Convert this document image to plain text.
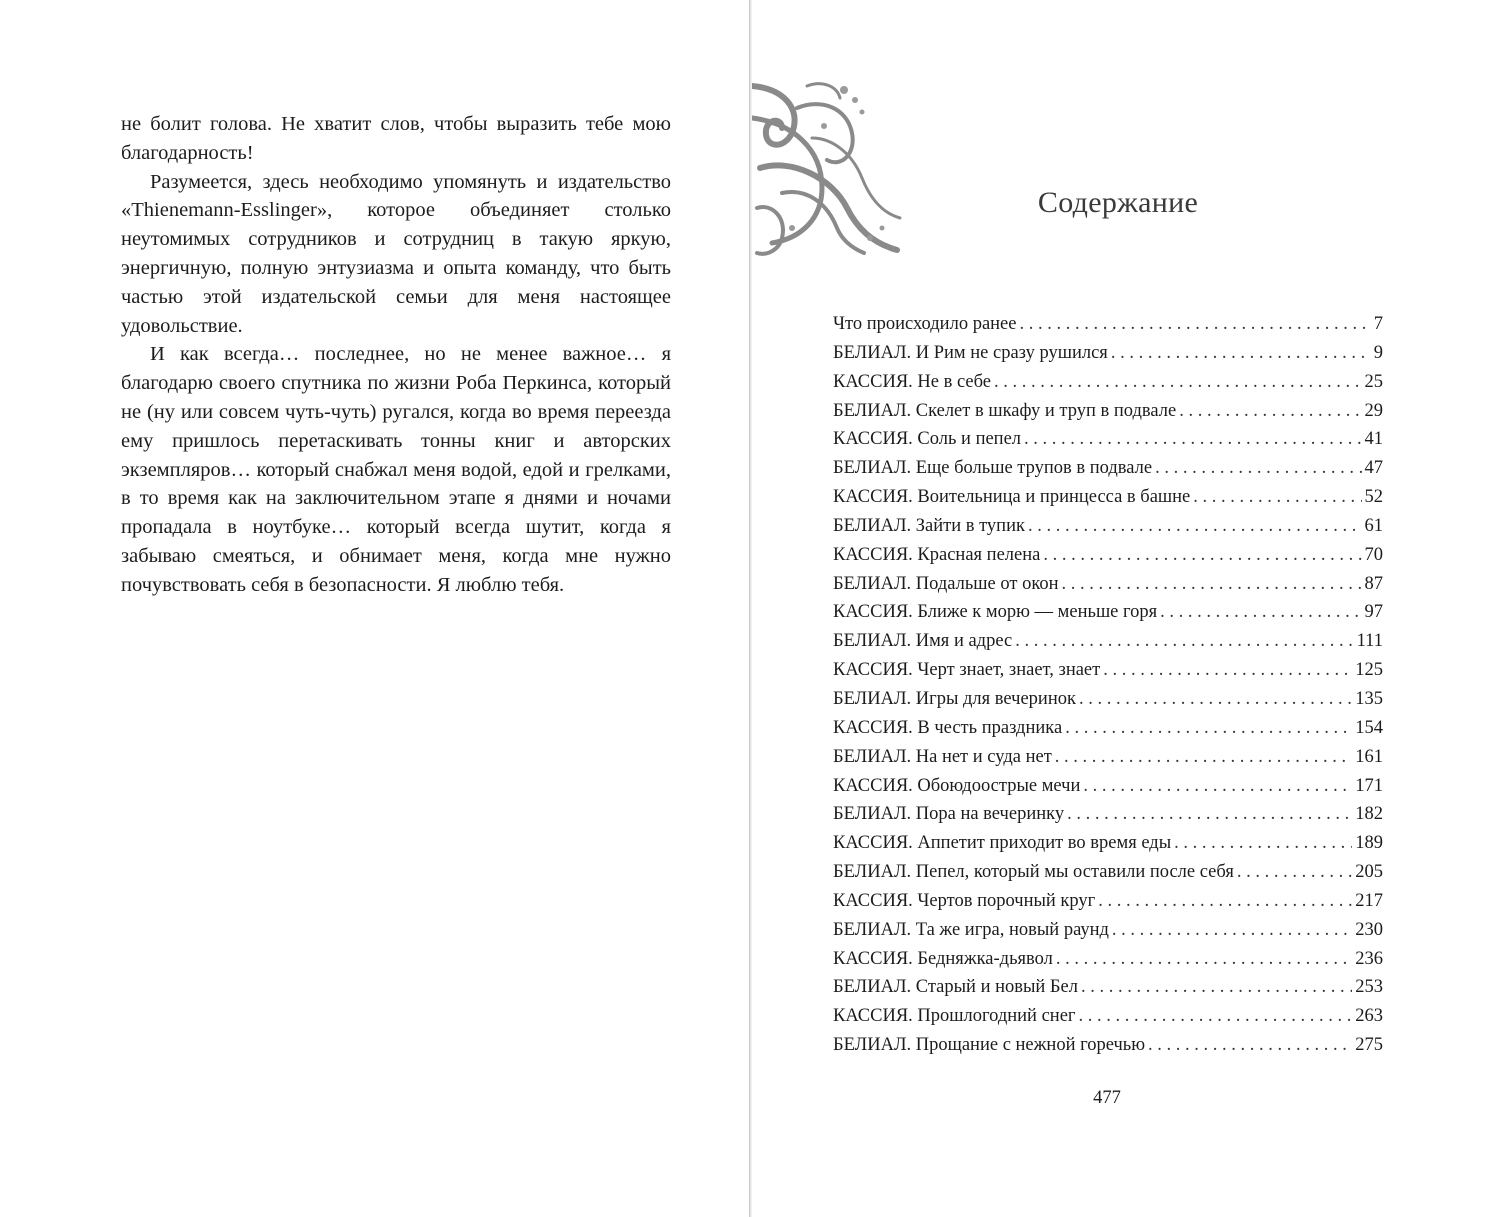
не болит голова. Не хватит слов, чтобы выразить тебе мою благодарность!

Разумеется, здесь необходимо упомянуть и издательство «Thienemann-Esslinger», которое объединяет столько неутомимых сотрудников и сотрудниц в такую яркую, энергичную, полную энтузиазма и опыта команду, что быть частью этой издательской семьи для меня настоящее удовольствие.

И как всегда… последнее, но не менее важное… я благодарю своего спутника по жизни Роба Перкинса, который не (ну или совсем чуть-чуть) ругался, когда во время переезда ему пришлось перетаскивать тонны книг и авторских экземпляров… который снабжал меня водой, едой и грелками, в то время как на заключительном этапе я днями и ночами пропадала в ноутбуке… который всегда шутит, когда я забываю смеяться, и обнимает меня, когда мне нужно почувствовать себя в безопасности. Я люблю тебя.

Содержание
Что происходило ранее . . .	7
БЕЛИАЛ. И Рим не сразу рушился . . .	9
КАССИЯ. Не в себе . . .	25
БЕЛИАЛ. Скелет в шкафу и труп в подвале . . .	29
КАССИЯ. Соль и пепел . . .	41
БЕЛИАЛ. Еще больше трупов в подвале . . .	47
КАССИЯ. Воительница и принцесса в башне . . .	52
БЕЛИАЛ. Зайти в тупик . . .	61
КАССИЯ. Красная пелена . . .	70
БЕЛИАЛ. Подальше от окон . . .	87
КАССИЯ. Ближе к морю — меньше горя . . .	97
БЕЛИАЛ. Имя и адрес . . .	111
КАССИЯ. Черт знает, знает, знает . . .	125
БЕЛИАЛ. Игры для вечеринок . . .	135
КАССИЯ. В честь праздника . . .	154
БЕЛИАЛ. На нет и суда нет . . .	161
КАССИЯ. Обоюдоострые мечи . . .	171
БЕЛИАЛ. Пора на вечеринку . . .	182
КАССИЯ. Аппетит приходит во время еды . . .	189
БЕЛИАЛ. Пепел, который мы оставили после себя . . .	205
КАССИЯ. Чертов порочный круг . . .	217
БЕЛИАЛ. Та же игра, новый раунд . . .	230
КАССИЯ. Бедняжка-дьявол . . .	236
БЕЛИАЛ. Старый и новый Бел . . .	253
КАССИЯ. Прошлогодний снег . . .	263
БЕЛИАЛ. Прощание с нежной горечью . . .	275
477
